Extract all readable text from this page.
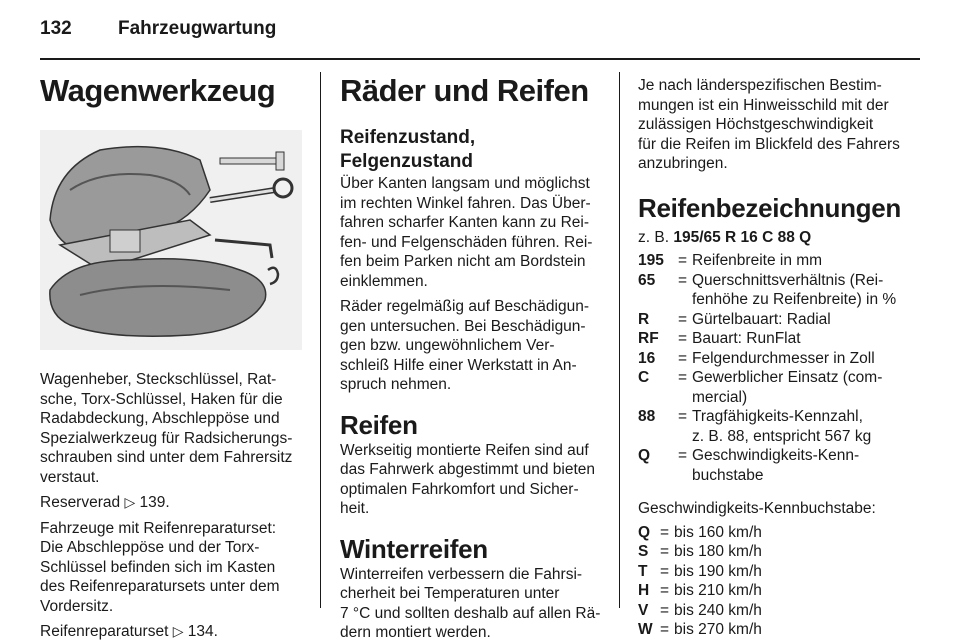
132 Fahrzeugwartung
Wagenwerkzeug

Wagenheber, Steckschlüssel, Rat-
sche, Torx-Schlüssel, Haken für die
Radabdeckung, Abschleppöse und
Spezialwerkzeug für Radsicherungs-
schrauben sind unter dem Fahrersitz
verstaut.

Reserverad ▷ 139.

Fahrzeuge mit Reifenreparaturset:
Die Abschleppöse und der Torx-
Schlüssel befinden sich im Kasten
des Reifenreparatursets unter dem
Vordersitz.

Reifenreparaturset ▷ 134.

Räder und Reifen
Reifenzustand, Felgenzustand

Über Kanten langsam und möglichst
im rechten Winkel fahren. Das Über-
fahren scharfer Kanten kann zu Rei-
fen- und Felgenschäden führen. Rei-
fen beim Parken nicht am Bordstein
einklemmen.

Räder regelmäßig auf Beschädigun-
gen untersuchen. Bei Beschädigun-
gen bzw. ungewöhnlichem Ver-
schleiß Hilfe einer Werkstatt in An-
spruch nehmen.

Reifen

Werkseitig montierte Reifen sind auf
das Fahrwerk abgestimmt und bieten
optimalen Fahrkomfort und Sicher-
heit.

Winterreifen

Winterreifen verbessern die Fahrsi-
cherheit bei Temperaturen unter
7 °C und sollten deshalb auf allen Rä-
dern montiert werden.

Je nach länderspezifischen Bestim-
mungen ist ein Hinweisschild mit der
zulässigen Höchstgeschwindigkeit
für die Reifen im Blickfeld des Fahrers
anzubringen.

Reifenbezeichnungen
z. B. 195/65 R 16 C 88 Q
195 = Reifenbreite in mm
65	= Querschnittsverhältnis (Rei-
fenhöhe zu Reifenbreite) in %
R	= Gürtelbauart: Radial
RF	= Bauart: RunFlat
16	= Felgendurchmesser in Zoll
C	= Gewerblicher Einsatz (com-
mercial)
88	= Tragfähigkeits-Kennzahl,
z. B. 88, entspricht 567 kg
Q	= Geschwindigkeits-Kenn-
buchstabe

Geschwindigkeits-Kennbuchstabe:

Q = bis 160 km/h
S = bis 180 km/h
T = bis 190 km/h
H = bis 210 km/h
V = bis 240 km/h
W = bis 270 km/h
